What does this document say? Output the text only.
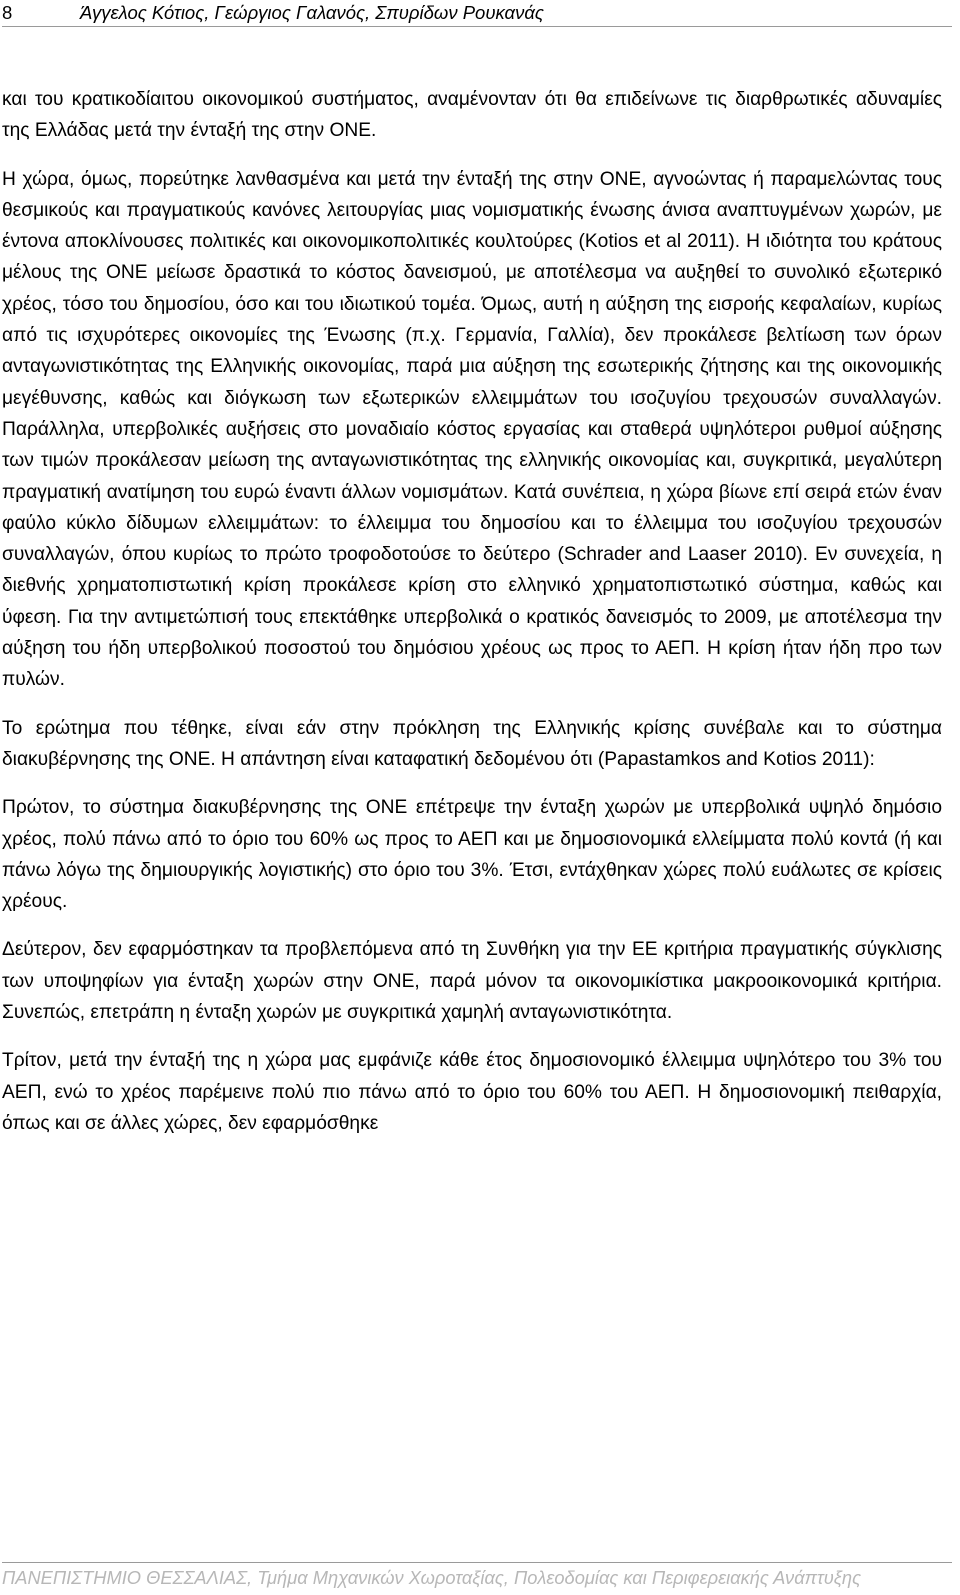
8	Άγγελος Κότιος, Γεώργιος Γαλανός, Σπυρίδων Ρουκανάς

και του κρατικοδίαιτου οικονομικού συστήματος, αναμένονταν ότι θα επιδείνωνε τις διαρθρωτικές αδυναμίες της Ελλάδας μετά την ένταξή της στην ΟΝΕ.

Η χώρα, όμως, πορεύτηκε λανθασμένα και μετά την ένταξή της στην ΟΝΕ, αγνοώντας ή παραμελώντας τους θεσμικούς και πραγματικούς κανόνες λειτουργίας μιας νομισματικής ένωσης άνισα αναπτυγμένων χωρών, με έντονα αποκλίνουσες πολιτικές και οικονομικοπολιτικές κουλτούρες (Kotios et al 2011). Η ιδιότητα του κράτους μέλους της ΟΝΕ μείωσε δραστικά το κόστος δανεισμού, με αποτέλεσμα να αυξηθεί το συνολικό εξωτερικό χρέος, τόσο του δημοσίου, όσο και του ιδιωτικού τομέα. Όμως, αυτή η αύξηση της εισροής κεφαλαίων, κυρίως από τις ισχυρότερες οικονομίες της Ένωσης (π.χ. Γερμανία, Γαλλία), δεν προκάλεσε βελτίωση των όρων ανταγωνιστικότητας της Ελληνικής οικονομίας, παρά μια αύξηση της εσωτερικής ζήτησης και της οικονομικής μεγέθυνσης, καθώς και διόγκωση των εξωτερικών ελλειμμάτων του ισοζυγίου τρεχουσών συναλλαγών. Παράλληλα, υπερβολικές αυξήσεις στο μοναδιαίο κόστος εργασίας και σταθερά υψηλότεροι ρυθμοί αύξησης των τιμών προκάλεσαν μείωση της ανταγωνιστικότητας της ελληνικής οικονομίας και, συγκριτικά, μεγαλύτερη πραγματική ανατίμηση του ευρώ έναντι άλλων νομισμάτων. Κατά συνέπεια, η χώρα βίωνε επί σειρά ετών έναν φαύλο κύκλο δίδυμων ελλειμμάτων: το έλλειμμα του δημοσίου και το έλλειμμα του ισοζυγίου τρεχουσών συναλλαγών, όπου κυρίως το πρώτο τροφοδοτούσε το δεύτερο (Schrader and Laaser 2010). Εν συνεχεία, η διεθνής χρηματοπιστωτική κρίση προκάλεσε κρίση στο ελληνικό χρηματοπιστωτικό σύστημα, καθώς και ύφεση. Για την αντιμετώπισή τους επεκτάθηκε υπερβολικά ο κρατικός δανεισμός το 2009, με αποτέλεσμα την αύξηση του ήδη υπερβολικού ποσοστού του δημόσιου χρέους ως προς το ΑΕΠ. Η κρίση ήταν ήδη προ των πυλών.

Το ερώτημα που τέθηκε, είναι εάν στην πρόκληση της Ελληνικής κρίσης συνέβαλε και το σύστημα διακυβέρνησης της ΟΝΕ. Η απάντηση είναι καταφατική δεδομένου ότι (Papastamkos and Kotios 2011):

Πρώτον, το σύστημα διακυβέρνησης της ΟΝΕ επέτρεψε την ένταξη χωρών με υπερβολικά υψηλό δημόσιο χρέος, πολύ πάνω από το όριο του 60% ως προς το ΑΕΠ και με δημοσιονομικά ελλείμματα πολύ κοντά (ή και πάνω λόγω της δημιουργικής λογιστικής) στο όριο του 3%. Έτσι, εντάχθηκαν χώρες πολύ ευάλωτες σε κρίσεις χρέους.

Δεύτερον, δεν εφαρμόστηκαν τα προβλεπόμενα από τη Συνθήκη για την ΕΕ κριτήρια πραγματικής σύγκλισης των υποψηφίων για ένταξη χωρών στην ΟΝΕ, παρά μόνον τα οικονομικίστικα μακροοικονομικά κριτήρια. Συνεπώς, επετράπη η ένταξη χωρών με συγκριτικά χαμηλή ανταγωνιστικότητα.

Τρίτον, μετά την ένταξή της η χώρα μας εμφάνιζε κάθε έτος δημοσιονομικό έλλειμμα υψηλότερο του 3% του ΑΕΠ, ενώ το χρέος παρέμεινε πολύ πιο πάνω από το όριο του 60% του ΑΕΠ. Η δημοσιονομική πειθαρχία, όπως και σε άλλες χώρες, δεν εφαρμόσθηκε

ΠΑΝΕΠΙΣΤΗΜΙΟ ΘΕΣΣΑΛΙΑΣ, Τμήμα Μηχανικών Χωροταξίας, Πολεοδομίας και Περιφερειακής Ανάπτυξης
